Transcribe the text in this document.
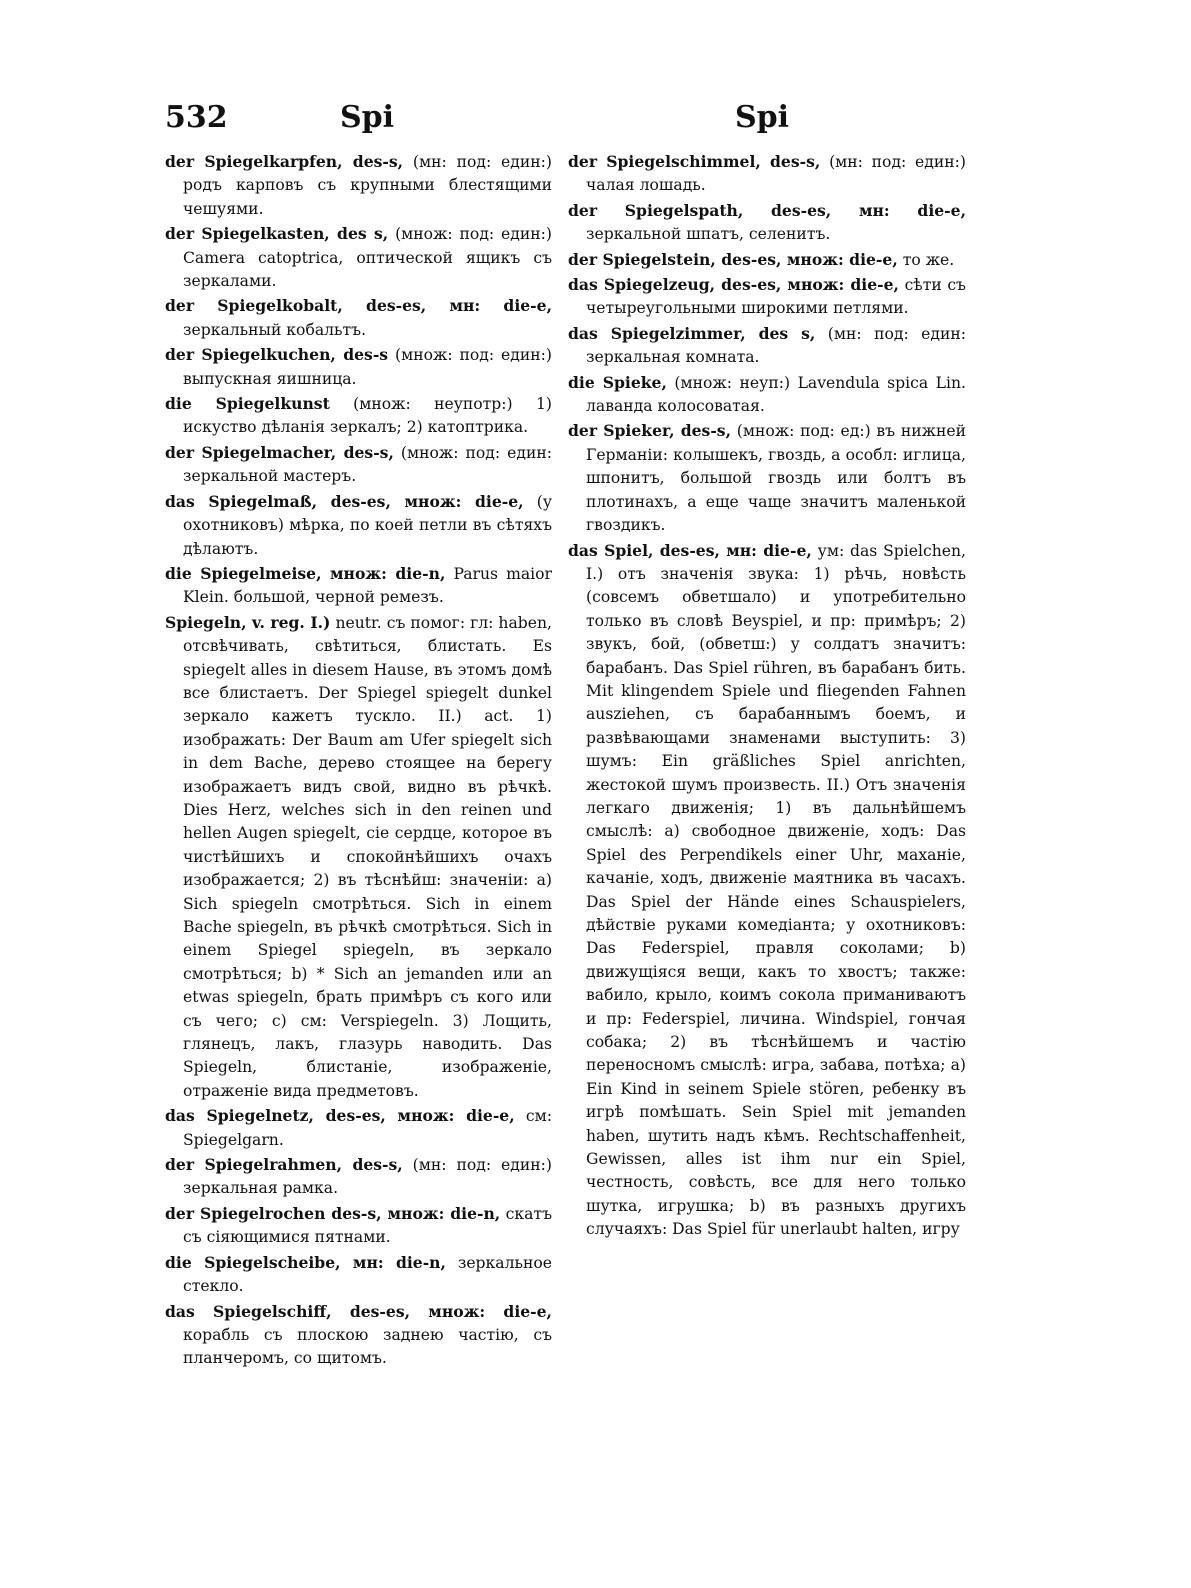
532	Spi	Spi

der Spiegelkarpfen, des-s, (мн: под: един:) родъ карповъ съ крупными блестящими чешуями.

der Spiegelkasten, des s, (множ: под: един:) Camera catoptrica, оптической ящикъ съ зеркалами.

der Spiegelkobalt, des-es, мн: die-e, зеркальный кобальтъ.

der Spiegelkuchen, des-s (множ: под: един:) выпускная яишница.

die Spiegelkunst (множ: неупотр:) 1) искуство дѣланія зеркалъ; 2) катоптрика.

der Spiegelmacher, des-s, (множ: под: един: зеркальной мастеръ.

das Spiegelmaß, des-es, множ: die-e, (у охотниковъ) мѣрка, по коей петли въ сѣтяхъ дѣлаютъ.

die Spiegelmeise, множ: die-n, Parus maior Klein. большой, черной ремезъ.

Spiegeln, v. reg. I.) neutr. съ помог: гл: haben, отсвѣчивать, свѣтиться, блистать. Es spiegelt alles in diesem Hause, въ этомъ домѣ все блистаетъ. Der Spiegel spiegelt dunkel зеркало кажетъ тускло. II.) act. 1) изображать: Der Baum am Ufer spiegelt sich in dem Bache, дерево стоящее на берегу изображаетъ видъ свой, видно въ рѣчкѣ. Dies Herz, welches sich in den reinen und hellen Augen spiegelt, сіе сердце, которое въ чистѣйшихъ и спокойнѣйшихъ очахъ изображается; 2) въ тѣснѣйш: значеніи: a) Sich spiegeln смотрѣться. Sich in einem Bache spiegeln, въ рѣчкѣ смотрѣться. Sich in einem Spiegel spiegeln, въ зеркало смотрѣться; b) * Sich an jemanden или an etwas spiegeln, брать примѣръ съ кого или съ чего; c) см: Verspiegeln. 3) Лощить, глянецъ, лакъ, глазурь наводить. Das Spiegeln, блистаніе, изображеніе, отраженіе вида предметовъ.

das Spiegelnetz, des-es, множ: die-e, см: Spiegelgarn.

der Spiegelrahmen, des-s, (мн: под: един:) зеркальная рамка.

der Spiegelrochen des-s, множ: die-n, скатъ съ сіяющимися пятнами.

die Spiegelscheibe, мн: die-n, зеркальное стекло.

das Spiegelschiff, des-es, множ: die-e, корабль съ плоскою заднею частію, съ планчеромъ, со щитомъ.

der Spiegelschimmel, des-s, (мн: под: един:) чалая лошадь.

der Spiegelspath, des-es, мн: die-e, зеркальной шпатъ, селенитъ.

der Spiegelstein, des-es, множ: die-e, то же.

das Spiegelzeug, des-es, множ: die-e, сѣти съ четыреугольными широкими петлями.

das Spiegelzimmer, des s, (мн: под: един: зеркальная комната.

die Spieke, (множ: неуп:) Lavendula spica Lin. лаванда колосоватая.

der Spieker, des-s, (множ: под: ед:) въ нижней Германіи: колышекъ, гвоздь, а особл: иглица, шпонитъ, большой гвоздь или болтъ въ плотинахъ, а еще чаще значитъ маленькой гвоздикъ.

das Spiel, des-es, мн: die-e, ум: das Spielchen, I.) отъ значенія звука: 1) рѣчь, новѣсть (совсемъ обветшало) и употребительно только въ словѣ Beyspiel, и пр: примѣръ; 2) звукъ, бой, (обветш:) у солдатъ значитъ: барабанъ. Das Spiel rühren, въ барабанъ бить. Mit klingendem Spiele und fliegenden Fahnen ausziehen, съ барабаннымъ боемъ, и развѣвающами знаменами выступить: 3) шумъ: Ein gräßliches Spiel anrichten, жестокой шумъ произвесть. II.) Отъ значенія легкаго движенія; 1) въ дальнѣйшемъ смыслѣ: a) свободное движеніе, ходъ: Das Spiel des Perpendikels einer Uhr, маханіе, качаніе, ходъ, движеніе маятника въ часахъ. Das Spiel der Hände eines Schauspielers, дѣйствіе руками комедіанта; у охотниковъ: Das Federspiel, правля соколами; b) движущіяся вещи, какъ то хвостъ; также: вабило, крыло, коимъ сокола приманиваютъ и пр: Federspiel, личина. Windspiel, гончая собака; 2) въ тѣснѣйшемъ и частію переносномъ смыслѣ: игра, забава, потѣха; a) Ein Kind in seinem Spiele stören, ребенку въ игрѣ помѣшать. Sein Spiel mit jemanden haben, шутить надъ кѣмъ. Rechtschaffenheit, Gewissen, alles ist ihm nur ein Spiel, честность, совѣсть, все для него только шутка, игрушка; b) въ разныхъ другихъ случаяхъ: Das Spiel für unerlaubt halten, игру
